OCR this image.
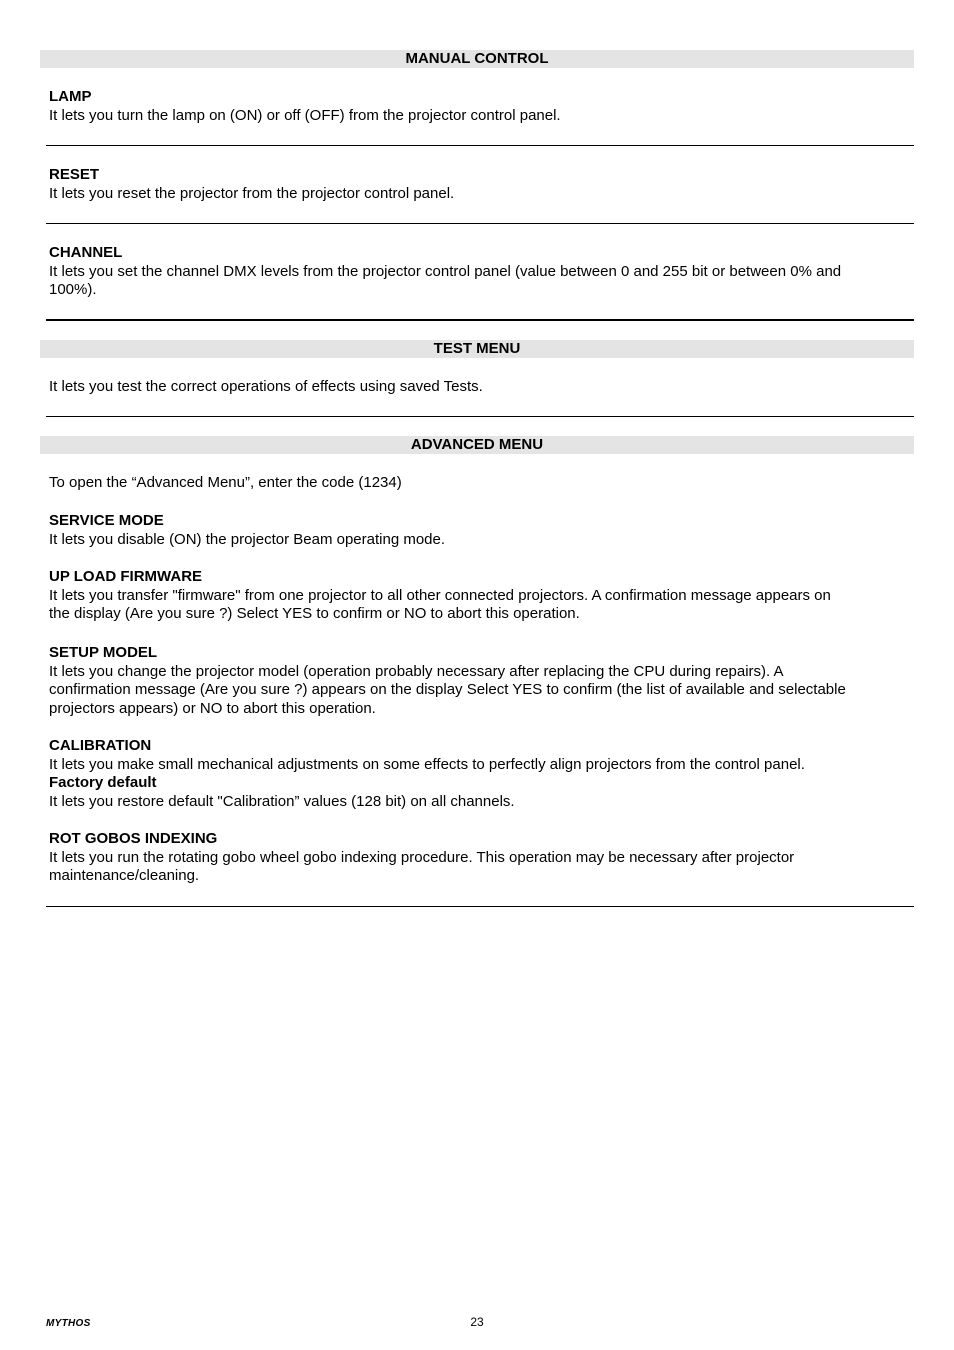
MANUAL CONTROL

LAMP

It lets you turn the lamp on (ON) or off (OFF) from the projector control panel.

RESET

It lets you reset the projector from the projector control panel.

CHANNEL

It lets you set the channel DMX levels from the projector control panel (value between 0 and 255 bit or between 0% and

100%).

TEST MENU

It lets you test the correct operations of effects using saved Tests.

ADVANCED MENU

To open the “Advanced Menu”, enter the code (1234)

SERVICE MODE

It lets you disable (ON) the projector Beam operating mode.

UP LOAD FIRMWARE

It lets you transfer "firmware" from one projector to all other connected projectors. A confirmation message appears on

the display (Are you sure ?) Select YES to confirm or NO to abort this operation.

SETUP MODEL

It lets you change the projector model (operation probably necessary after replacing the CPU during repairs). A

confirmation message (Are you sure ?) appears on the display Select YES to confirm (the list of available and selectable

projectors appears) or NO to abort this operation.

CALIBRATION

It lets you make small mechanical adjustments on some effects to perfectly align projectors from the control panel.

Factory default

It lets you restore default "Calibration” values (128 bit) on all channels.

ROT GOBOS INDEXING

It lets you run the rotating gobo wheel gobo indexing procedure. This operation may be necessary after projector

maintenance/cleaning.

MYTHOS	23
